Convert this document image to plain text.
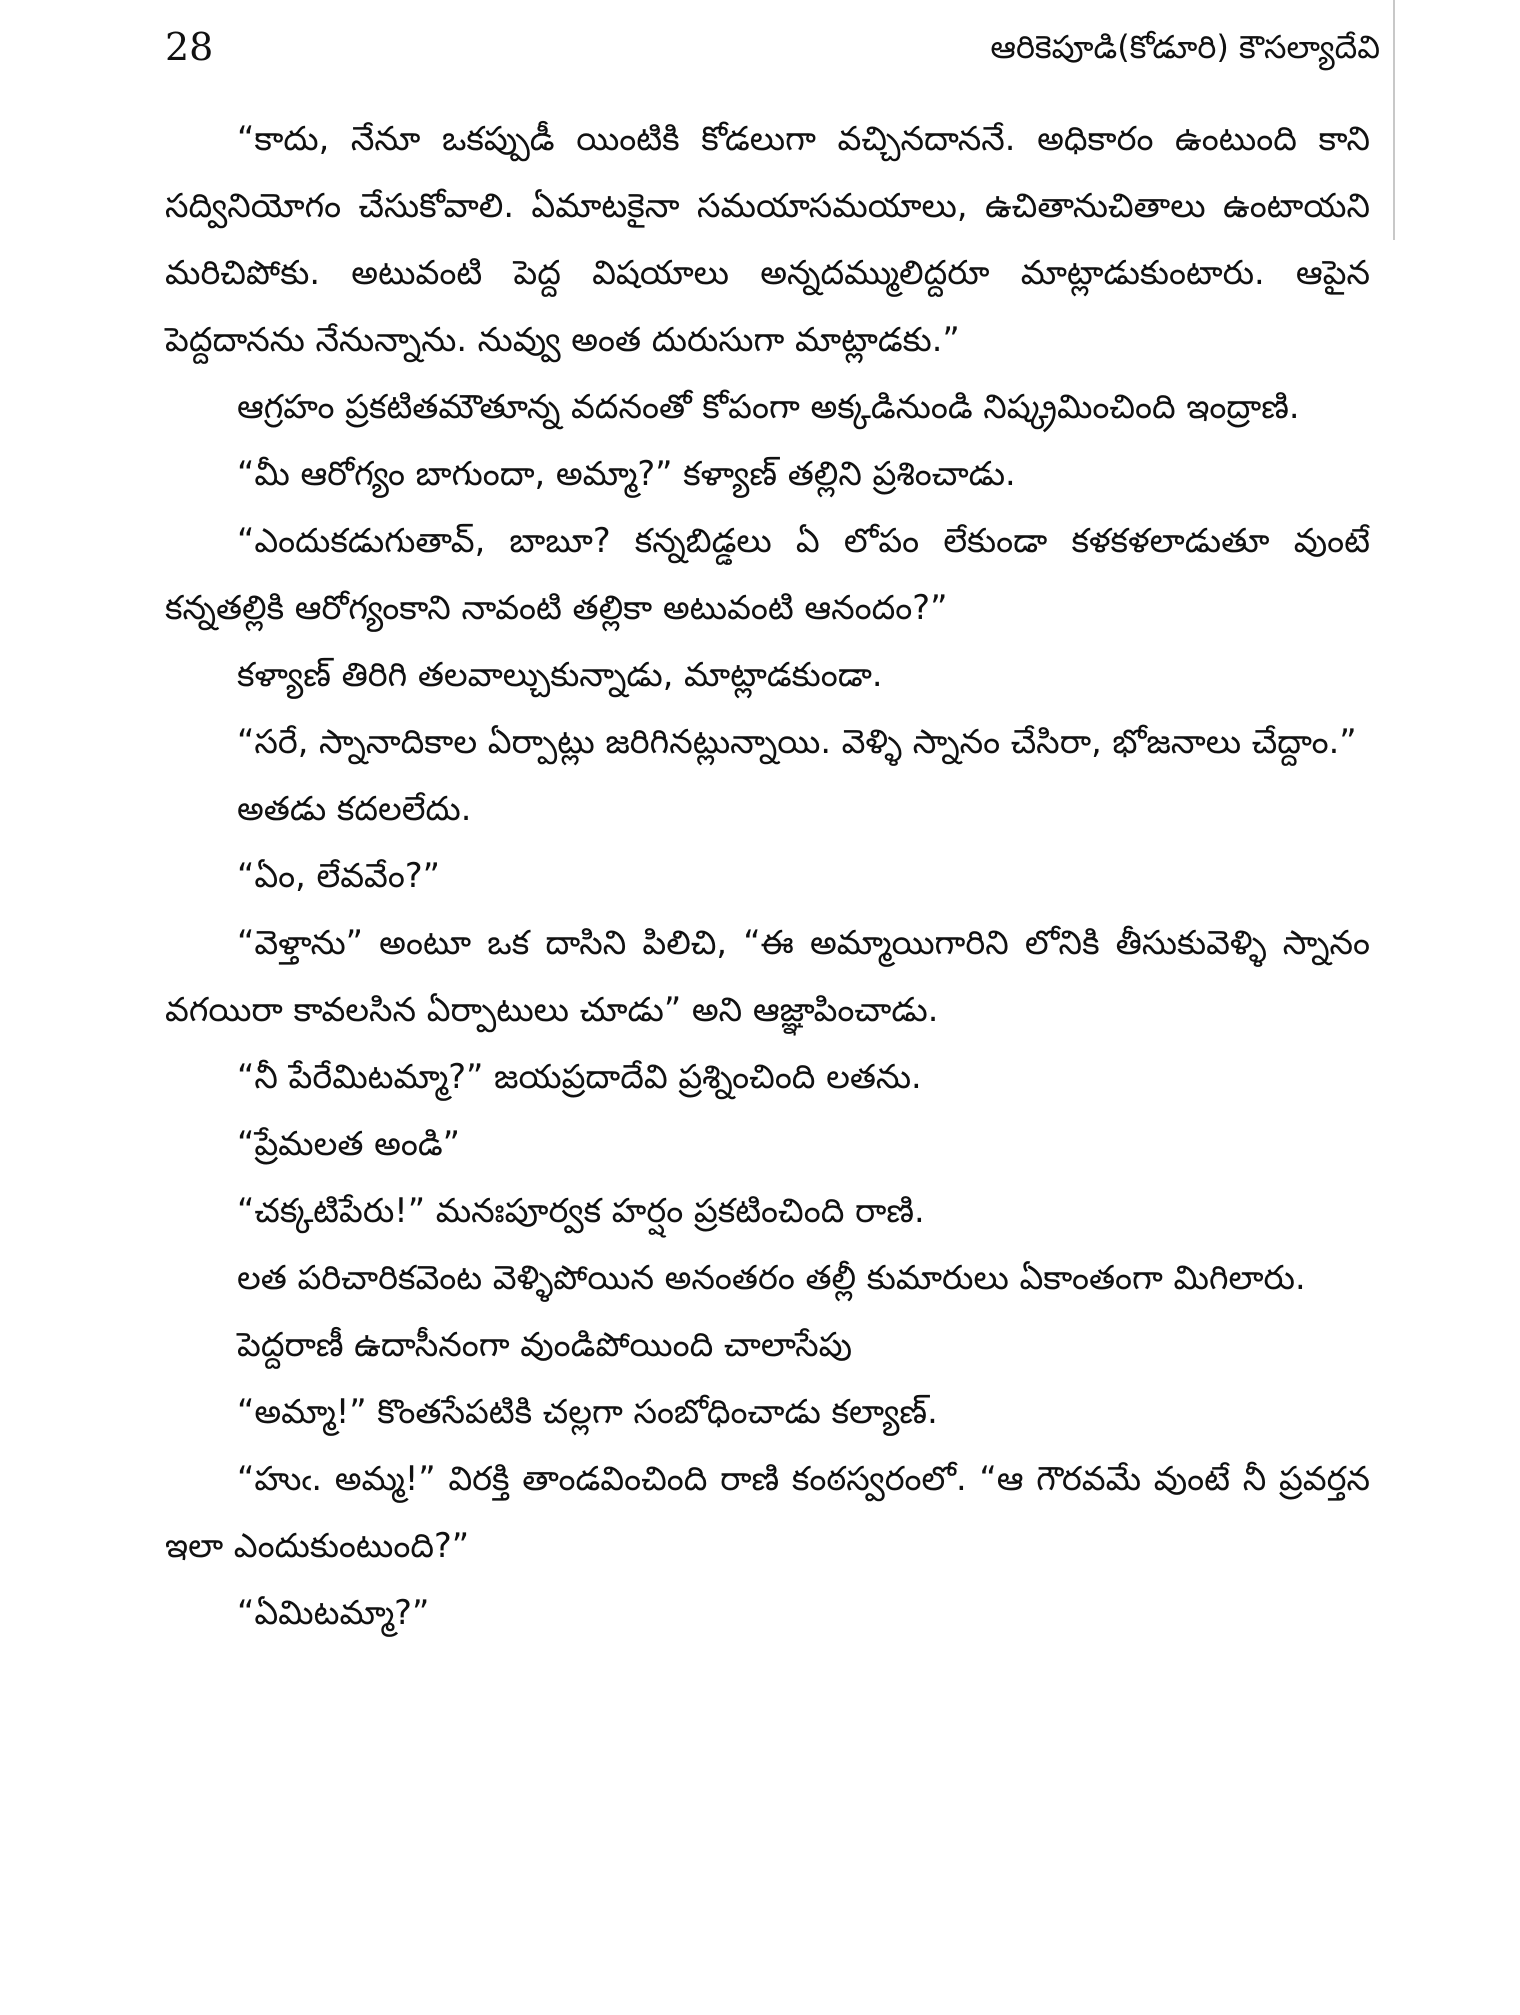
28	ఆరికెపూడి(కోడూరి) కౌసల్యాదేవి

“కాదు, నేనూ ఒకప్పుడీ యింటికి కోడలుగా వచ్చినదాననే. అధికారం ఉంటుంది కాని సద్వినియోగం చేసుకోవాలి. ఏమాటకైనా సమయాసమయాలు, ఉచితానుచితాలు ఉంటాయని మరిచిపోకు. అటువంటి పెద్ద విషయాలు అన్నదమ్ములిద్దరూ మాట్లాడుకుంటారు. ఆపైన పెద్దదానను నేనున్నాను. నువ్వు అంత దురుసుగా మాట్లాడకు.”

ఆగ్రహం ప్రకటితమౌతూన్న వదనంతో కోపంగా అక్కడినుండి నిష్క్రమించింది ఇంద్రాణి.

“మీ ఆరోగ్యం బాగుందా, అమ్మా?” కళ్యాణ్ తల్లిని ప్రశించాడు.

“ఎందుకడుగుతావ్, బాబూ? కన్నబిడ్డలు ఏ లోపం లేకుండా కళకళలాడుతూ వుంటే కన్నతల్లికి ఆరోగ్యంకాని నావంటి తల్లికా అటువంటి ఆనందం?”

కళ్యాణ్ తిరిగి తలవాల్చుకున్నాడు, మాట్లాడకుండా.

“సరే, స్నానాదికాల ఏర్పాట్లు జరిగినట్లున్నాయి. వెళ్ళి స్నానం చేసిరా, భోజనాలు చేద్దాం.”

అతడు కదలలేదు.

“ఏం, లేవవేం?”

“వెళ్తాను” అంటూ ఒక దాసిని పిలిచి, “ఈ అమ్మాయిగారిని లోనికి తీసుకువెళ్ళి స్నానం వగయిరా కావలసిన ఏర్పాటులు చూడు” అని ఆజ్ఞాపించాడు.

“నీ పేరేమిటమ్మా?” జయప్రదాదేవి ప్రశ్నించింది లతను.

“ప్రేమలత అండి”

“చక్కటిపేరు!” మనఃపూర్వక హర్షం ప్రకటించింది రాణి.

లత పరిచారికవెంట వెళ్ళిపోయిన అనంతరం తల్లీ కుమారులు ఏకాంతంగా మిగిలారు.

పెద్దరాణీ ఉదాసీనంగా వుండిపోయింది చాలాసేపు

“అమ్మా!” కొంతసేపటికి చల్లగా సంబోధించాడు కల్యాణ్.

“హుఁ. అమ్మ!” విరక్తి తాండవించింది రాణి కంఠస్వరంలో. “ఆ గౌరవమే వుంటే నీ ప్రవర్తన ఇలా ఎందుకుంటుంది?”

“ఏమిటమ్మా?”
